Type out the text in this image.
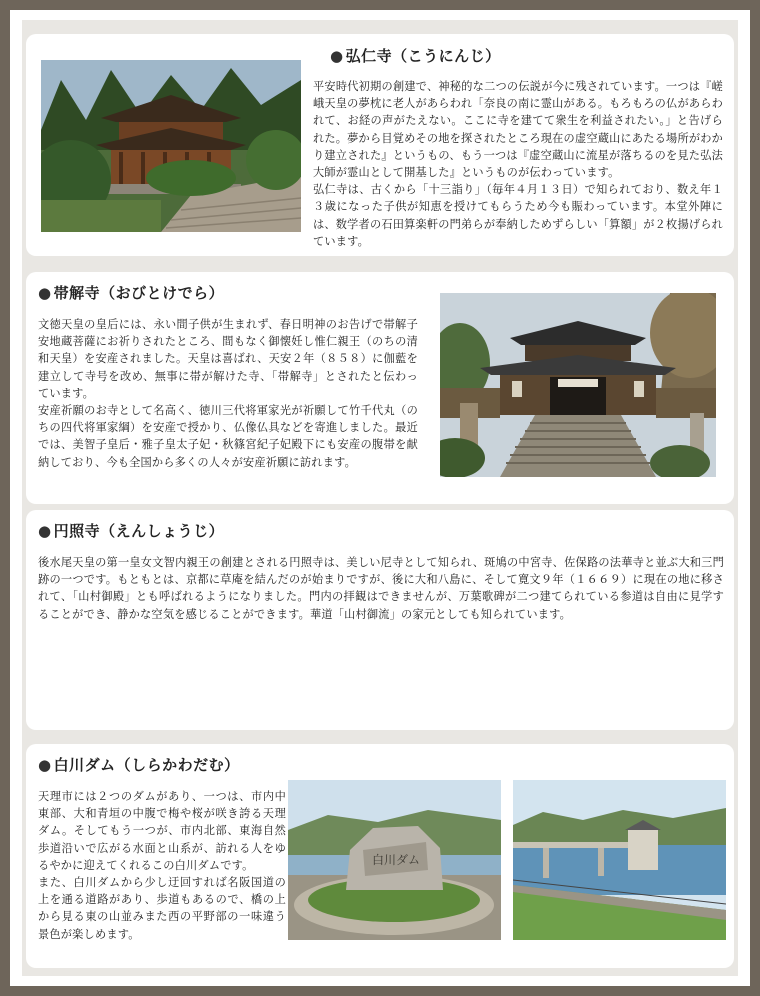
● 弘仁寺（こうにんじ）

平安時代初期の創建で、神秘的な二つの伝説が今に残されています。一つは『嵯峨天皇の夢枕に老人があらわれ「奈良の南に霊山がある。もろもろの仏があらわれて、お経の声がたえない。ここに寺を建てて衆生を利益されたい。」と告げられた。夢から目覚めその地を探されたところ現在の虚空蔵山にあたる場所がわかり建立された』というもの、もう一つは『虚空蔵山に流星が落ちるのを見た弘法大師が霊山として開基した』というものが伝わっています。

弘仁寺は、古くから「十三詣り」（毎年４月１３日）で知られており、数え年１３歳になった子供が知恵を授けてもらうため今も賑わっています。本堂外陣には、数学者の石田算楽軒の門弟らが奉納しためずらしい「算額」が２枚揚げられています。

● 帯解寺（おびとけでら）

文徳天皇の皇后には、永い間子供が生まれず、春日明神のお告げで帯解子安地蔵菩薩にお祈りされたところ、間もなく御懐妊し惟仁親王（のちの清和天皇）を安産されました。天皇は喜ばれ、天安２年（８５８）に伽藍を建立して寺号を改め、無事に帯が解けた寺、「帯解寺」とされたと伝わっています。

安産祈願のお寺として名高く、徳川三代将軍家光が祈願して竹千代丸（のちの四代将軍家綱）を安産で授かり、仏像仏具などを寄進しました。最近では、美智子皇后・雅子皇太子妃・秋篠宮紀子妃殿下にも安産の腹帯を献納しており、今も全国から多くの人々が安産祈願に訪れます。

● 円照寺（えんしょうじ）

後水尾天皇の第一皇女文智内親王の創建とされる円照寺は、美しい尼寺として知られ、斑鳩の中宮寺、佐保路の法華寺と並ぶ大和三門跡の一つです。もともとは、京都に草庵を結んだのが始まりですが、後に大和八島に、そして寛文９年（１６６９）に現在の地に移されて、「山村御殿」とも呼ばれるようになりました。門内の拝観はできませんが、万葉歌碑が二つ建てられている参道は自由に見学することができ、静かな空気を感じることができます。華道「山村御流」の家元としても知られています。

● 白川ダム（しらかわだむ）

天理市には２つのダムがあり、一つは、市内中東部、大和青垣の中腹で梅や桜が咲き誇る天理ダム。そしてもう一つが、市内北部、東海自然歩道沿いで広がる水面と山系が、訪れる人をゆるやかに迎えてくれるこの白川ダムです。

また、白川ダムから少し迂回すれば名阪国道の上を通る道路があり、歩道もあるので、橋の上から見る東の山並みまた西の平野部の一味違う景色が楽しめます。

白川ダム
